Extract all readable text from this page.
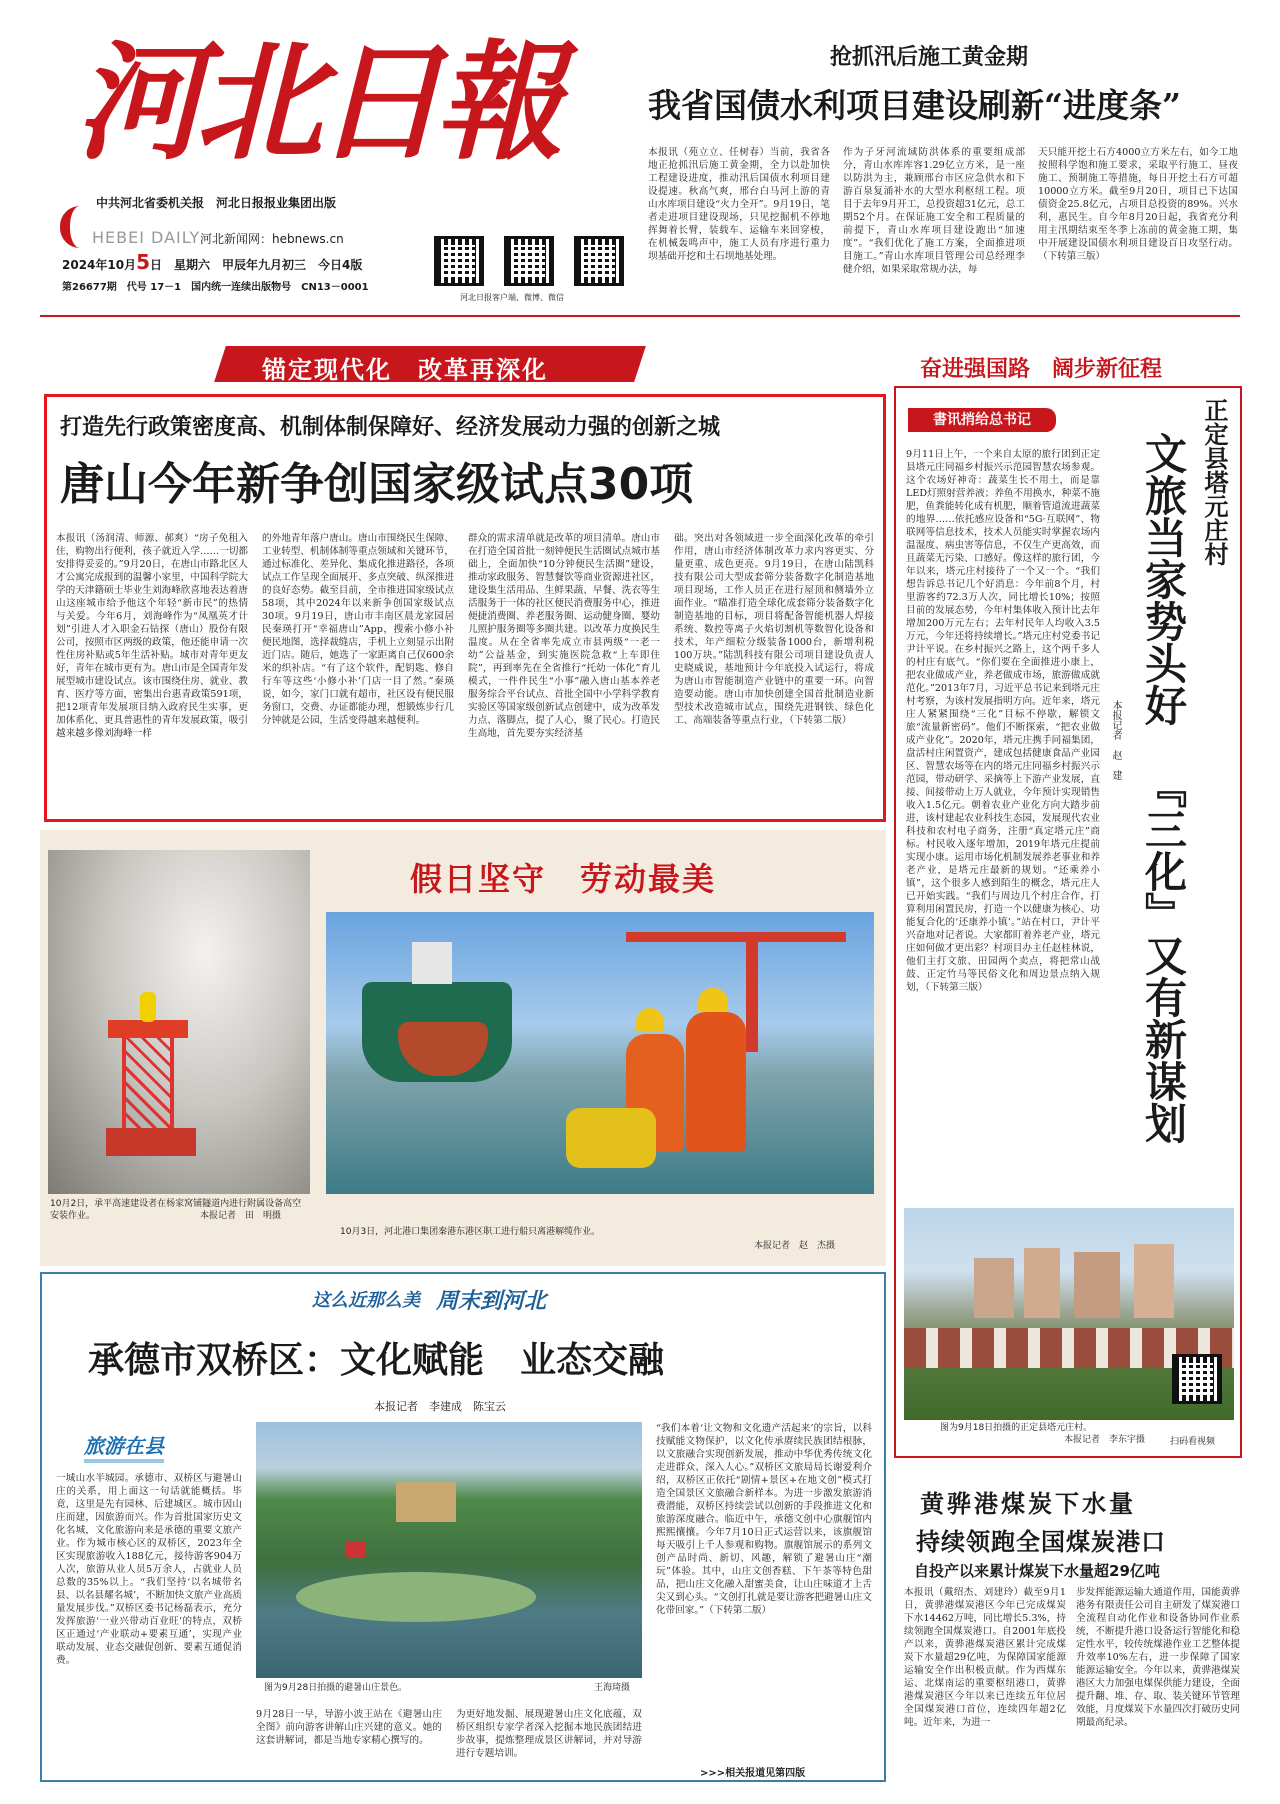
河北日報
中共河北省委机关报　河北日报报业集团出版
HEBEI DAILY 河北新闻网：hebnews.cn
2024年10月5日　星期六　甲辰年九月初三　今日4版
第26677期　代号 17－1　国内统一连续出版物号　CN13－0001
河北日报客户端、微博、微信
抢抓汛后施工黄金期
我省国债水利项目建设刷新“进度条”
本报讯（苑立立、任树春）当前，我省各地正抢抓汛后施工黄金期，全力以赴加快工程建设进度，推动汛后国债水利项目建设提速。秋高气爽，邢台白马河上游的青山水库项目建设“火力全开”。9月19日，笔者走进项目建设现场，只见挖掘机不停地挥舞着长臂，装载车、运输车来回穿梭，在机械轰鸣声中，施工人员有序进行重力坝基础开挖和土石坝地基处理。
作为子牙河流域防洪体系的重要组成部分，青山水库库容1.29亿立方米，是一座以防洪为主，兼顾邢台市区应急供水和下游百泉复涌补水的大型水利枢纽工程。项目于去年9月开工，总投资超31亿元，总工期52个月。在保证施工安全和工程质量的前提下，青山水库项目建设跑出“加速度”。“我们优化了施工方案，全面推进项目施工。”青山水库项目管理公司总经理李健介绍，如果采取常规办法，每
天只能开挖土石方4000立方米左右，如今工地按照科学饱和施工要求，采取平行施工、昼夜施工、预制施工等措施，每日开挖土石方可超10000立方米。截至9月20日，项目已下达国债资金25.8亿元，占项目总投资的89%。兴水利，惠民生。自今年8月20日起，我省充分利用主汛期结束至冬季上冻前的黄金施工期，集中开展建设国债水利项目建设百日攻坚行动。（下转第三版）
锚定现代化　改革再深化	奋进强国路　阔步新征程
打造先行政策密度高、机制体制保障好、经济发展动力强的创新之城
唐山今年新争创国家级试点30项
本报讯（汤润清、师源、郝爽）“房子免租入住，购物出行便利，孩子就近入学……一切都安排得妥妥的。”9月20日，在唐山市路北区人才公寓完成报到的温馨小家里，中国科学院大学的天津籍硕士毕业生刘海峰欣喜地表达着唐山这座城市给予他这个年轻“新市民”的热情与关爱。今年6月，刘海峰作为“凤凰英才计划”引进人才入职金石钻探（唐山）股份有限公司，按照市区两级的政策，他还能申请一次性住房补贴或5年生活补贴。城市对青年更友好，青年在城市更有为。唐山市是全国青年发展型城市建设试点。该市围绕住房、就业、教育、医疗等方面，密集出台惠青政策591项，把12项青年发展项目纳入政府民生实事，更加体系化、更具普惠性的青年发展政策，吸引越来越多像刘海峰一样
的外地青年落户唐山。唐山市围绕民生保障、工业转型、机制体制等重点领域和关键环节，通过标准化、差异化、集成化推进路径，各项试点工作呈现全面展开、多点突破、纵深推进的良好态势。截至目前，全市推进国家级试点58项，其中2024年以来新争创国家级试点30项。9月19日，唐山市丰南区晨龙家园居民秦瑛打开“幸福唐山”App，搜索小修小补便民地图，选择裁缝店，手机上立刻显示出附近门店。随后，她选了一家距离自己仅600余米的织补店。“有了这个软件，配钥匙、修自行车等这些‘小修小补’门店一目了然。”秦瑛说，如今，家门口就有超市，社区设有便民服务窗口，交费、办证都能办理，想锻炼步行几分钟就是公园，生活变得越来越便利。
群众的需求清单就是改革的项目清单。唐山市在打造全国首批一刻钟便民生活圈试点城市基础上，全面加快“10分钟便民生活圈”建设，推动家政服务、智慧餐饮等商业资源进社区，建设集生活用品、生鲜果蔬、早餐、洗衣等生活服务于一体的社区便民消费服务中心，推进便捷消费圈、养老服务圈、运动健身圈、婴幼儿照护服务圈等多圈共建。以改革力度换民生温度。从在全省率先成立市县两级“一老一幼”公益基金，到实施医院急救“上车即住院”，再到率先在全省推行“托幼一体化”育儿模式，一件件民生“小事”融入唐山基本养老服务综合平台试点、首批全国中小学科学教育实验区等国家级创新试点创建中，成为改革发力点、落脚点，提了人心，聚了民心。打造民生高地，首先要夯实经济基
础。突出对各领域进一步全面深化改革的牵引作用，唐山市经济体制改革力求内容更实、分量更重、成色更亮。9月19日，在唐山陆凯科技有限公司大型成套筛分装备数字化制造基地项目现场，工作人员正在进行屋顶和侧墙外立面作业。“瞄准打造全球化成套筛分装备数字化制造基地的目标，项目将配备智能机器人焊接系统、数控等离子火焰切割机等数智化设备和技术，年产细粒分级装备1000台，新增利税100万块。”陆凯科技有限公司项目建设负责人史晓威说，基地预计今年底投入试运行，将成为唐山市智能制造产业链中的重要一环。向智造要动能。唐山市加快创建全国首批制造业新型技术改造城市试点，围绕先进钢铁、绿色化工、高端装备等重点行业，（下转第二版）
書讯捎给总书记	正定县塔元庄村
文旅当家势头好
『三化』又有新谋划
本报记者　赵　建
9月11日上午，一个来自太原的旅行团到正定县塔元庄同福乡村振兴示范园智慧农场参观。这个农场好神奇：蔬菜生长不用土，而是靠LED灯照射营养液；养鱼不用换水，种菜不施肥，鱼粪能转化成有机肥，顺着管道流进蔬菜的地界……依托感应设备和“5G·互联网”、物联网等信息技术，技术人员能实时掌握农场内温湿度、病虫害等信息，不仅生产更高效，而且蔬菜无污染、口感好。像这样的旅行团，今年以来，塔元庄村接待了一个又一个。“我们想告诉总书记几个好消息：今年前8个月，村里游客约72.3万人次，同比增长10%；按照目前的发展态势，今年村集体收入预计比去年增加200万元左右；去年村民年人均收入3.5万元，今年还将持续增长。”塔元庄村党委书记尹计平说。在乡村振兴之路上，这个两千多人的村庄有底气。“你们要在全面推进小康上，把农业做成产业，养老做成市场，旅游做成就范化。”2013年7月，习近平总书记来到塔元庄村考察，为该村发展指明方向。近年来，塔元庄人紧紧围绕“三化”目标不停歇，解锁文旅“流量新密码”。他们不断探索，“把农业做成产业化”。2020年，塔元庄携手同福集团，盘活村庄闲置资产，建成包括健康食品产业园区、智慧农场等在内的塔元庄同福乡村振兴示范园，带动研学、采摘等上下游产业发展，直接、间接带动上万人就业，今年预计实现销售收入1.5亿元。朝着农业产业化方向大踏步前进，该村建起农业科技生态园，发展现代农业科技和农村电子商务，注册“真定塔元庄”商标。村民收入逐年增加，2019年塔元庄提前实现小康。运用市场化机制发展养老事业和养老产业，是塔元庄最新的规划。“还乘养小镇”，这个很多人感到陌生的概念，塔元庄人已开始实践。“我们与周边几个村庄合作，打算利用闲置民房，打造一个以健康为核心、功能复合化的‘还康养小镇’。”站在村口，尹计平兴奋地对记者说。大家都盯着养老产业，塔元庄如何做才更出彩？村项目办主任赵桂林说，他们主打文旅、田园两个卖点，将把常山战鼓、正定竹马等民俗文化和周边景点纳入规划，（下转第三版）
图为9月18日拍摄的正定县塔元庄村。
本报记者　李东宇摄	扫码看视频
假日坚守　劳动最美
10月2日，承平高速建设者在杨家窝铺隧道内进行附属设备高空安装作业。	本报记者　田　明摄
10月3日，河北港口集团秦港东港区职工进行船只离港解缆作业。
本报记者　赵　杰摄
这么近那么美 周末到河北
承德市双桥区：文化赋能　业态交融
本报记者　李建成　陈宝云
旅游在县
一城山水半城园。承德市、双桥区与避暑山庄的关系，用上面这一句话就能概括。毕竟，这里是先有园林、后建城区。城市因山庄而建，因旅游而兴。作为首批国家历史文化名城，文化旅游向来是承德的重要文旅产业。作为城市核心区的双桥区，2023年全区实现旅游收入188亿元，接待游客904万人次，旅游从业人员5万余人，占就业人员总数的35%以上。“我们坚持‘以名城带名县、以名县耀名城’，不断加快文旅产业高质量发展步伐。”双桥区委书记杨磊表示，充分发挥旅游‘一业兴带动百业旺’的特点，双桥区正通过‘产业联动+要素互通’，实现产业联动发展、业态交融促创新、要素互通促消费。
图为9月28日拍摄的避暑山庄景色。	王海琦摄
9月28日一早，导游小波王站在《避暑山庄全图》前向游客讲解山庄兴建的意义。她的这套讲解词，都是当地专家精心撰写的。
为更好地发掘、展现避暑山庄文化底蕴，双桥区组织专家学者深入挖掘本地民族团结进步故事，提炼整理成景区讲解词，并对导游进行专题培训。
“我们本着‘让文物和文化遗产活起来’的宗旨，以科技赋能文物保护，以文化传承赓续民族团结根脉，以文旅融合实现创新发展，推动中华优秀传统文化走进群众、深入人心。”双桥区文旅局局长谢爱利介绍，双桥区正依托“剧情+景区+在地文创”模式打造全国景区文旅融合新样本。为进一步激发旅游消费潜能，双桥区持续尝试以创新的手段推进文化和旅游深度融合。临近中午，承德文创中心旗舰馆内熙熙攘攘。今年7月10日正式运营以来，该旗舰馆每天吸引上千人参观和购物。旗舰馆展示的系列文创产品时尚、新切、风趣，解锁了避暑山庄“潮玩”体验。其中，山庄文创香糕、下午茶等特色甜品，把山庄文化融入甜蜜美食，让山庄味道才上舌尖又到心头。“文创打扎就是要让游客把避暑山庄文化带回家。”（下转第二版）
>>>相关报道见第四版
黄骅港煤炭下水量
持续领跑全国煤炭港口
自投产以来累计煤炭下水量超29亿吨
本报讯（戴绍杰、刘建玲）截至9月1日，黄骅港煤炭港区今年已完成煤炭下水14462万吨，同比增长5.3%，持续领跑全国煤炭港口。自2001年底投产以来，黄骅港煤炭港区累计完成煤炭下水量超29亿吨，为保障国家能源运输安全作出积极贡献。作为西煤东运、北煤南运的重要枢纽港口，黄骅港煤炭港区今年以来已连续五年位居全国煤炭港口首位，连续四年超2亿吨。近年来，为进一
步发挥能源运输大通道作用，国能黄骅港务有限责任公司自主研发了煤炭港口全流程自动化作业和设备协同作业系统，不断提升港口设备运行智能化和稳定性水平，较传统煤港作业工艺整体提升效率10%左右，进一步保障了国家能源运输安全。今年以来，黄骅港煤炭港区大力加强电煤保供能力建设，全面提升翻、堆、存、取、装关键环节管理效能，月度煤炭下水量四次打破历史同期最高纪录。
